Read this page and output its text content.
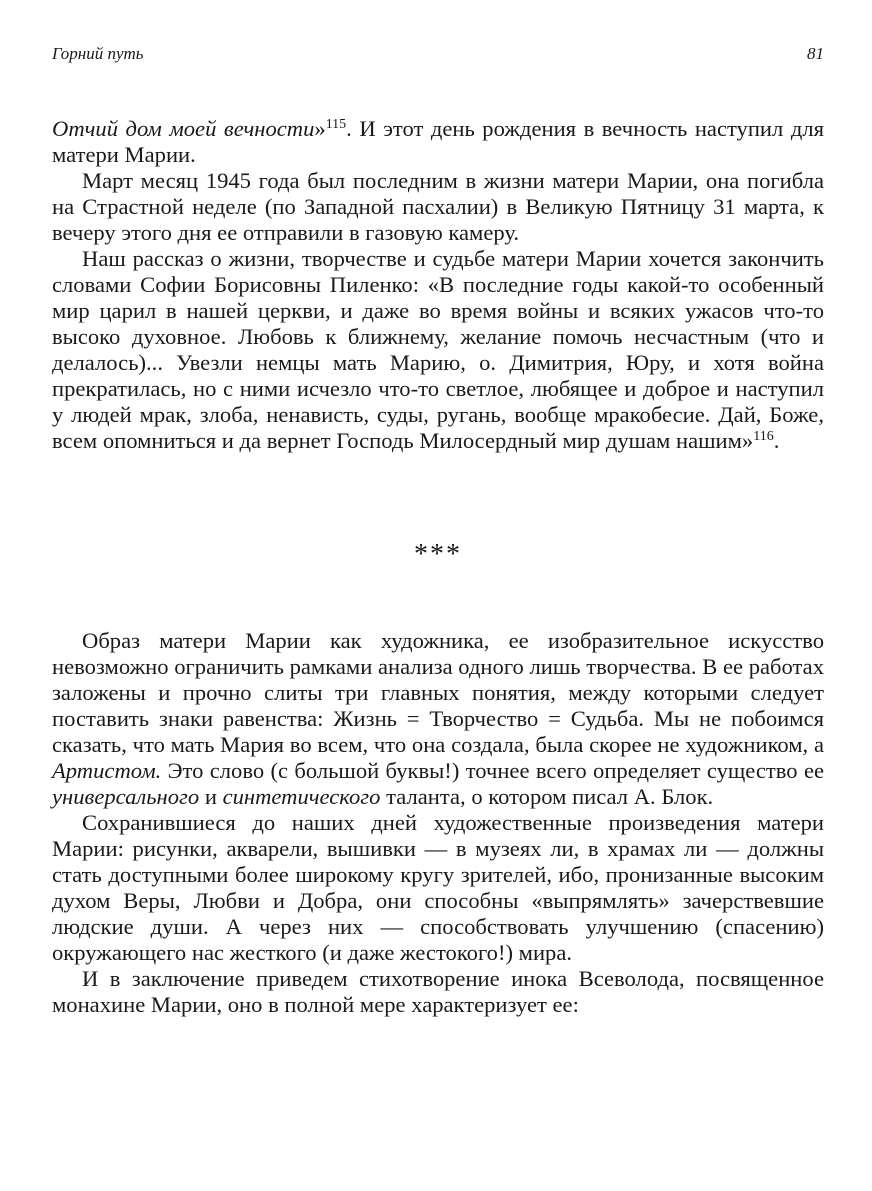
Горний путь	81

Отчий дом моей вечности»$^{115}$. И этот день рождения в вечность наступил для матери Марии.

Март месяц 1945 года был последним в жизни матери Марии, она погибла на Страстной неделе (по Западной пасхалии) в Великую Пятницу 31 марта, к вечеру этого дня ее отправили в газовую камеру.

Наш рассказ о жизни, творчестве и судьбе матери Марии хочется закончить словами Софии Борисовны Пиленко: «В последние годы какой-то особенный мир царил в нашей церкви, и даже во время войны и всяких ужасов что-то высоко духовное. Любовь к ближнему, желание помочь несчастным (что и делалось)... Увезли немцы мать Марию, о. Димитрия, Юру, и хотя война прекратилась, но с ними исчезло что-то светлое, любящее и доброе и наступил у людей мрак, злоба, ненависть, суды, ругань, вообще мракобесие. Дай, Боже, всем опомниться и да вернет Господь Милосердный мир душам нашим»$^{116}$.

***

Образ матери Марии как художника, ее изобразительное искусство невозможно ограничить рамками анализа одного лишь творчества. В ее работах заложены и прочно слиты три главных понятия, между которыми следует поставить знаки равенства: Жизнь = Творчество = Судьба. Мы не побоимся сказать, что мать Мария во всем, что она создала, была скорее не художником, а Артистом. Это слово (с большой буквы!) точнее всего определяет существо ее универсального и синтетического таланта, о котором писал А. Блок.

Сохранившиеся до наших дней художественные произведения матери Марии: рисунки, акварели, вышивки — в музеях ли, в храмах ли — должны стать доступными более широкому кругу зрителей, ибо, пронизанные высоким духом Веры, Любви и Добра, они способны «выпрямлять» зачерствевшие людские души. А через них — способствовать улучшению (спасению) окружающего нас жесткого (и даже жестокого!) мира.

И в заключение приведем стихотворение инока Всеволода, посвященное монахине Марии, оно в полной мере характеризует ее:
